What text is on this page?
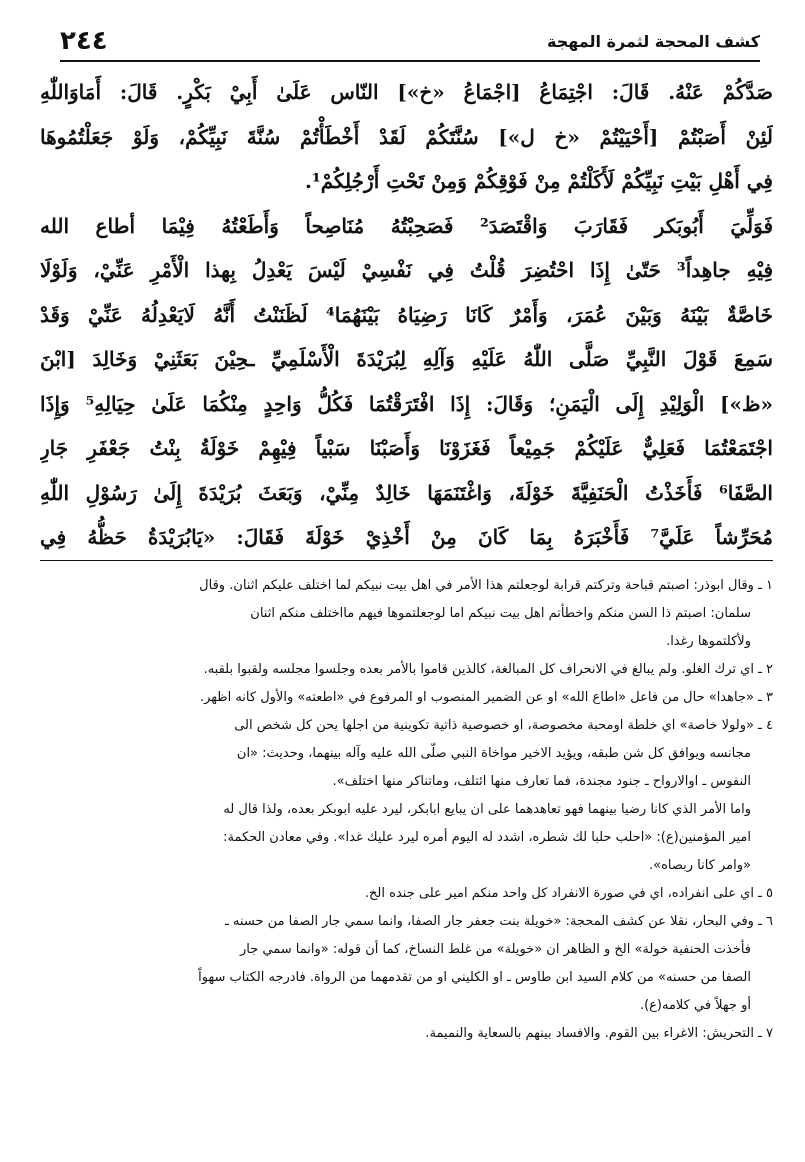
كشف المحجة لثمرة المهجة
٢٤٤
صَدَّكُمْ عَنْهُ. قَالَ: اجْتِمَاعُ [اجْمَاعُ «خ»] النّاس عَلَىٰ أَبِيْ بَكْرٍ. قَالَ: أَمَاوَاللّٰهِ
لَئِنْ أَصَبْتُمْ [أَحْيَيْتُمْ «خ ل»] سُنَّتَكُمْ لَقَدْ أَخْطَأْتُمْ سُنَّةَ نَبِيِّكُمْ، وَلَوْ جَعَلْتُمُوهَا
فِي أَهْلِ بَيْتِ نَبِيِّكُمْ لَأَكَلْتُمْ مِنْ فَوْقِكُمْ وَمِنْ تَحْتِ أَرْجُلِكُمْ¹.
فَوَلِّيَ أَبُوبَكر فَقَارَبَ وَاقْتَصَدَ² فَصَحِبْتُهُ مُنَاصِحاً وَأَطَعْتُهُ فِيْمَا أطاع الله
فِيْهِ جاهِداً³ حَتّىٰ إِذَا احْتُضِرَ قُلْتُ فِي نَفْسِيْ لَيْسَ يَعْدِلُ بِهذا الْأَمْرِ عَنِّيْ، وَلَوْلَا
خَاصَّةٌ بَيْنَهُ وَبَيْنَ عُمَرَ، وَأَمْرٌ كَانَا رَضِيَاهُ بَيْنَهُمَا⁴ لَظَنَنْتُ أَنَّهُ لَايَعْدِلُهُ عَنِّيْ وَقَدْ
سَمِعَ قَوْلَ النَّبِيِّ صَلَّى اللّٰهُ عَلَيْهِ وَآلِهِ لِبُرَيْدَةَ الْأَسْلَمِيِّ ـحِيْنَ بَعَثَنِيْ وَخَالِدَ [ابْنَ
«ظ»] الْوَلِيْدِ إِلَى الْيَمَنِ؛ وَقَالَ: إِذَا افْتَرَقْتُمَا فَكُلُّ وَاحِدٍ مِنْكُمَا عَلَىٰ حِيَالِهِ⁵ وَإِذَا
اجْتَمَعْتُمَا فَعَلِيٌّ عَلَيْكُمْ جَمِيْعاً فَغَزَوْنَا وَأَصَبْنَا سَبْياً فِيْهِمْ خَوْلَةُ بِنْتُ جَعْفَرِ جَارِ
الصَّفَا⁶ فَأَخَذْتُ الْحَنَفِيَّةَ خَوْلَةَ، وَاغْتَنَمَهَا خَالِدٌ مِنِّيْ، وَبَعَثَ بُرَيْدَةَ إِلَىٰ رَسُوْلِ اللّٰهِ
مُحَرِّشاً عَلَيَّ⁷ فَأَخْبَرَهُ بِمَا كَانَ مِنْ أَخْذِيْ خَوْلَةَ فَقَالَ: «يَابُرَيْدَةُ حَظُّهُ فِي
١ ـ وقال ابوذر: اصبتم قباحة وتركتم قرابة لوجعلتم هذا الأمر في اهل بيت نبيكم لما اختلف عليكم اثنان. وقال
سلمان: اصبتم ذا السن منكم واخطأتم اهل بيت نبيكم اما لوجعلتموها فيهم مااختلف منكم اثنان
ولأكلتموها رغدا.
٢ ـ اي ترك الغلو. ولم يبالغ في الانحراف كل المبالغة، كالذين قاموا بالأمر بعده وجلسوا مجلسه ولقبوا بلقبه.
٣ ـ «جاهدا» حال من فاعل «اطاع الله» او عن الضمير المنصوب او المرفوع في «اطعته» والأول كانه اظهر.
٤ ـ «ولولا خاصة» اي خلطة اومحبة مخصوصة، او خصوصية ذاتية تكوينية من اجلها يحن كل شخص الى
مجانسه ويوافق كل شن طبقه، ويؤيد الاخير مواخاة النبي صلّى الله عليه وآله بينهما، وحديث: «ان
النفوس ـ اوالارواح ـ جنود مجندة، فما تعارف منها ائتلف، وماتناكر منها اختلف».
واما الأمر الذي كانا رضيا بينهما فهو تعاهدهما على ان يبايع ابابكر، ليرد عليه ابوبكر بعده، ولذا قال له
امير المؤمنين(ع): «احلب حلبا لك شطره، اشدد له اليوم أمره ليرد عليك غدا». وفي معادن الحكمة:
«وامر كانا ربصاه».
٥ ـ اي على انفراده، اي في صورة الانفراد كل واحد منكم امير على جنده الخ.
٦ ـ وفي البحار، نقلا عن كشف المحجة: «خويلة بنت جعفر جار الصفا، وانما سمي جار الصفا من حسنه ـ
فأخذت الحنفية خولة» الخ و الظاهر ان «خويلة» من غلط النساخ، كما أن قوله: «وانما سمي جار
الصفا من حسنه» من كلام السيد ابن طاوس ـ او الكليني او من تقدمهما من الرواة. فادرجه الكتاب سهواً
أو جهلاً في كلامه(ع).
٧ ـ التحريش: الاغراء بين القوم. والافساد بينهم بالسعاية والنميمة.
